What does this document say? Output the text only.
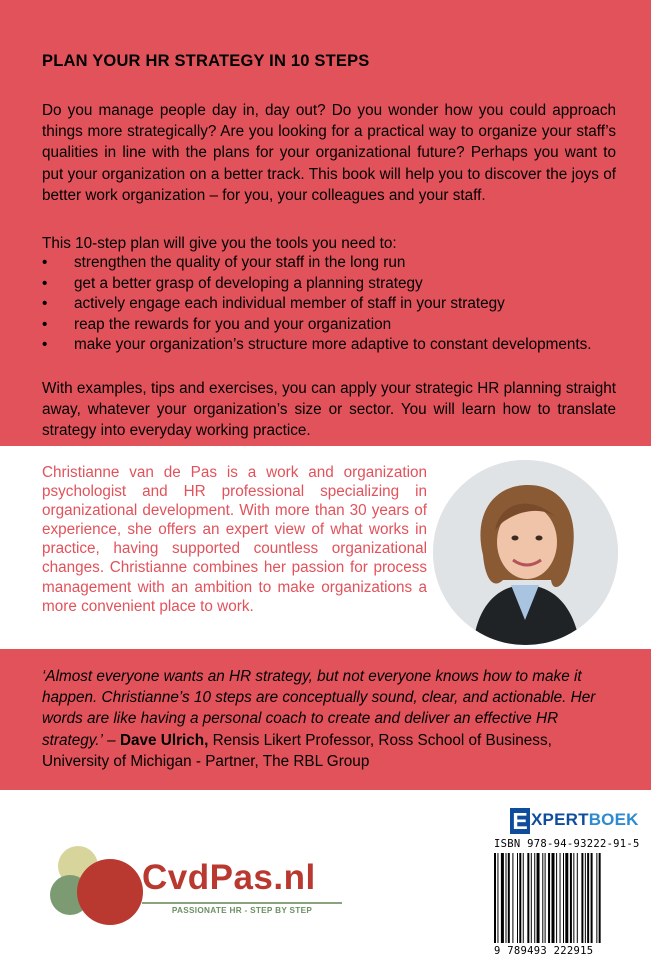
PLAN YOUR HR STRATEGY IN 10 STEPS
Do you manage people day in, day out? Do you wonder how you could approach things more strategically? Are you looking for a practical way to organize your staff’s qualities in line with the plans for your organizational future? Perhaps you want to put your organization on a better track. This book will help you to discover the joys of better work organization – for you, your colleagues and your staff.
This 10-step plan will give you the tools you need to:
• strengthen the quality of your staff in the long run
• get a better grasp of developing a planning strategy
• actively engage each individual member of staff in your strategy
• reap the rewards for you and your organization
• make your organization’s structure more adaptive to constant developments.
With examples, tips and exercises, you can apply your strategic HR planning straight away, whatever your organization’s size or sector. You will learn how to translate strategy into everyday working practice.
Christianne van de Pas is a work and organization psychologist and HR professional specializing in organizational development. With more than 30 years of experience, she offers an expert view of what works in practice, having supported countless organizational changes. Christianne combines her passion for process management with an ambition to make organizations a more convenient place to work.
‘Almost everyone wants an HR strategy, but not everyone knows how to make it happen. Christianne’s 10 steps are conceptually sound, clear, and actionable. Her words are like having a personal coach to create and deliver an effective HR strategy.’ – Dave Ulrich, Rensis Likert Professor, Ross School of Business, University of Michigan - Partner, The RBL Group
CvdPas.nl
PASSIONATE HR - STEP BY STEP
E XPERTBOEK
ISBN 978-94-93222-91-5
9 789493 222915
